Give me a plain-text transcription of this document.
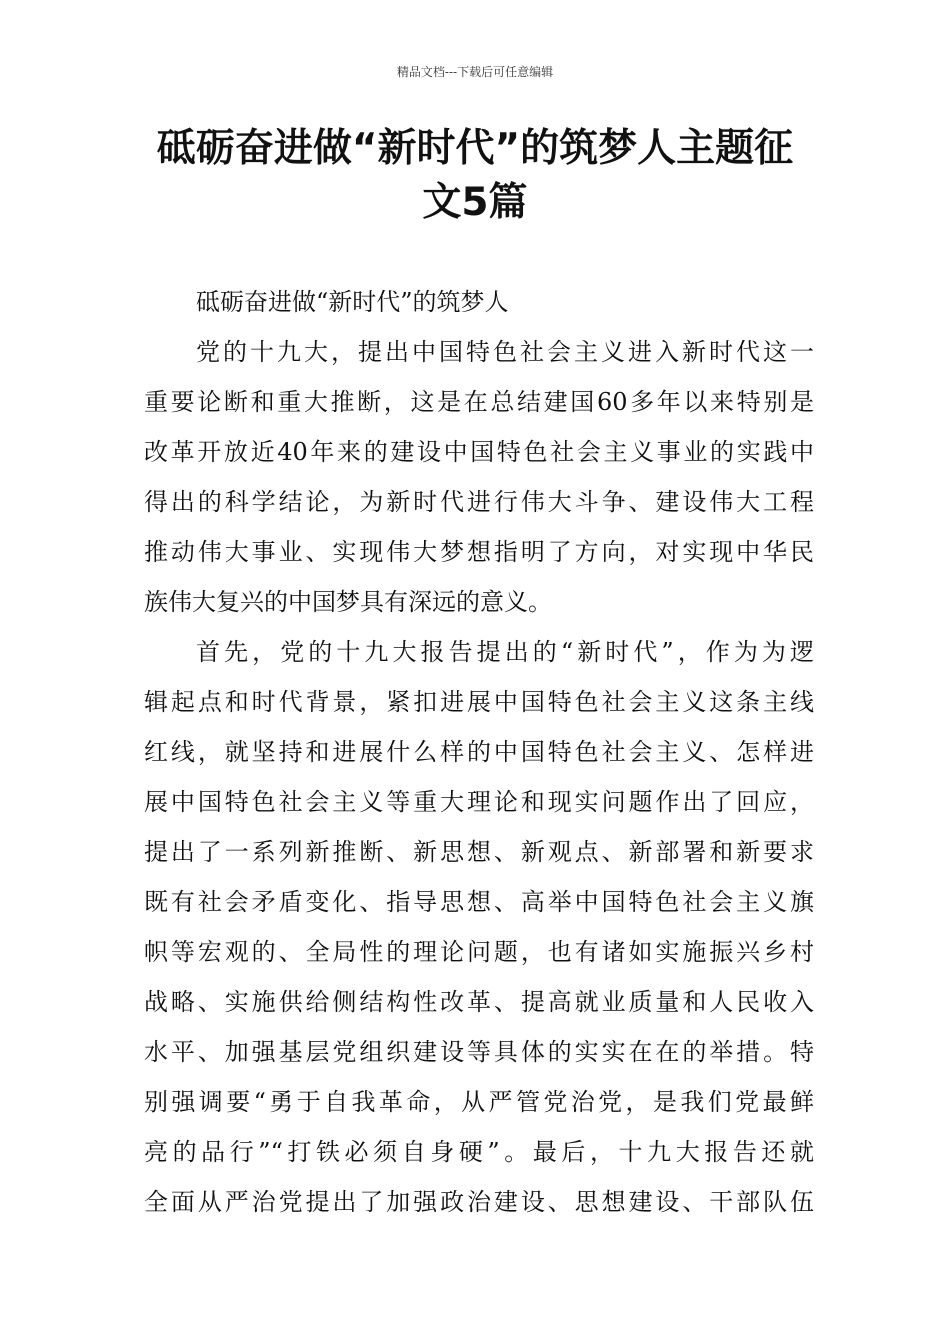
精品文档---下载后可任意编辑
砥砺奋进做“新时代”的筑梦人主题征
文5篇
砥砺奋进做“新时代”的筑梦人
党的十九大，提出中国特色社会主义进入新时代这一
重要论断和重大推断，这是在总结建国60多年以来特别是
改革开放近40年来的建设中国特色社会主义事业的实践中
得出的科学结论，为新时代进行伟大斗争、建设伟大工程
推动伟大事业、实现伟大梦想指明了方向，对实现中华民
族伟大复兴的中国梦具有深远的意义。
首先，党的十九大报告提出的“新时代”，作为为逻
辑起点和时代背景，紧扣进展中国特色社会主义这条主线
红线，就坚持和进展什么样的中国特色社会主义、怎样进
展中国特色社会主义等重大理论和现实问题作出了回应，
提出了一系列新推断、新思想、新观点、新部署和新要求
既有社会矛盾变化、指导思想、高举中国特色社会主义旗
帜等宏观的、全局性的理论问题，也有诸如实施振兴乡村
战略、实施供给侧结构性改革、提高就业质量和人民收入
水平、加强基层党组织建设等具体的实实在在的举措。特
别强调要“勇于自我革命，从严管党治党，是我们党最鲜
亮的品行”“打铁必须自身硬”。最后，十九大报告还就
全面从严治党提出了加强政治建设、思想建设、干部队伍
